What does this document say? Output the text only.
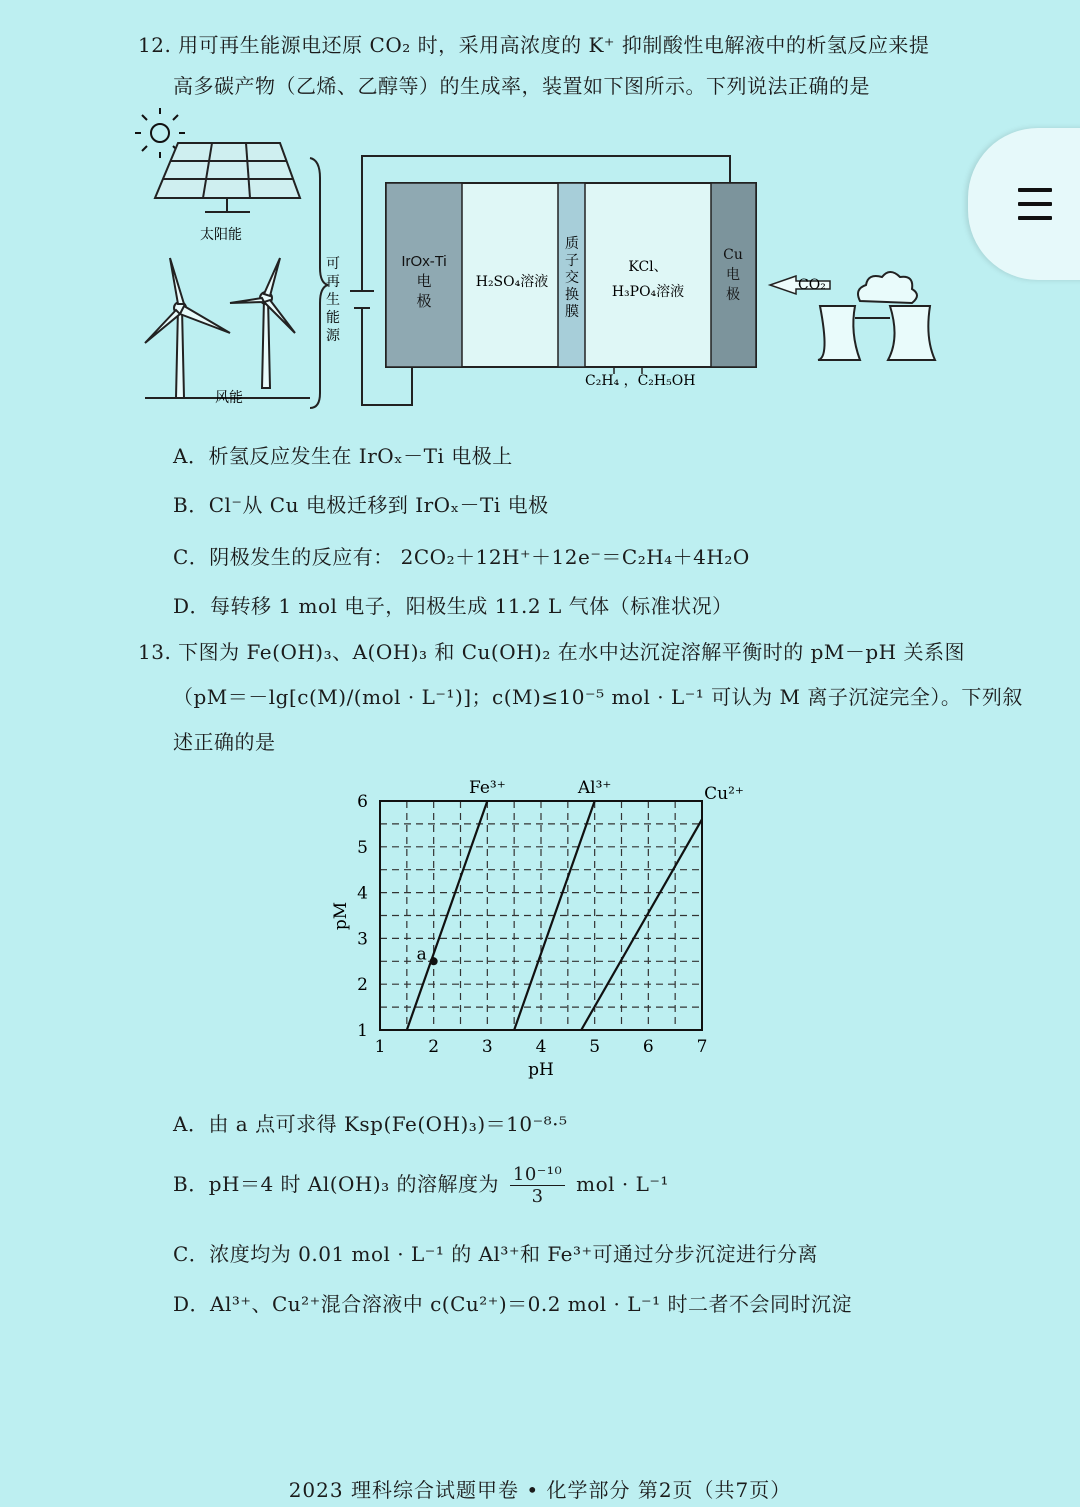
12. 用可再生能源电还原 CO₂ 时，采用高浓度的 K⁺ 抑制酸性电解液中的析氢反应来提
高多碳产物（乙烯、乙醇等）的生成率，装置如下图所示。下列说法正确的是
太阳能
风能
可
再
生
能
源
IrOx-Ti
电
极
H₂SO₄溶液
质
子
交
换
膜
KCl、
H₃PO₄溶液
Cu
电
极
C₂H₄ ，C₂H₅OH
CO₂
A．析氢反应发生在 IrOₓ－Ti 电极上
B．Cl⁻从 Cu 电极迁移到 IrOₓ－Ti 电极
C．阴极发生的反应有： 2CO₂＋12H⁺＋12e⁻＝C₂H₄＋4H₂O
D．每转移 1 mol 电子，阳极生成 11.2 L 气体（标准状况）
13. 下图为 Fe(OH)₃、A(OH)₃ 和 Cu(OH)₂ 在水中达沉淀溶解平衡时的 pM－pH 关系图
（pM＝－lg[c(M)/(mol · L⁻¹)]；c(M)≤10⁻⁵ mol · L⁻¹ 可认为 M 离子沉淀完全）。下列叙
述正确的是
1	2	3	4	5	6	7
1
2
3
4
5
6
Fe³⁺	Al³⁺	Cu²⁺
a
pH
pM
A．由 a 点可求得 Ksp(Fe(OH)₃)＝10⁻⁸·⁵
B．pH＝4 时 Al(OH)₃ 的溶解度为 $\frac{\text{10⁻¹⁰}}{3}$ mol · L⁻¹
C．浓度均为 0.01 mol · L⁻¹ 的 Al³⁺和 Fe³⁺可通过分步沉淀进行分离
D．Al³⁺、Cu²⁺混合溶液中 c(Cu²⁺)＝0.2 mol · L⁻¹ 时二者不会同时沉淀
2023 理科综合试题甲卷 • 化学部分 第2页（共7页）
